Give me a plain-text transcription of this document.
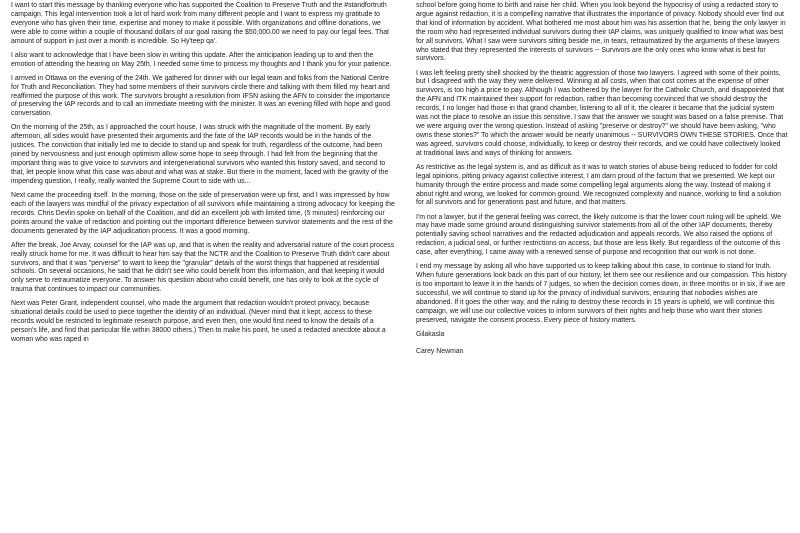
I want to start this message by thanking everyone who has supported the Coalition to Preserve Truth and the #standfortruth campaign. This legal intervention took a lot of hard work from many different people and I want to express my gratitude to everyone who has given their time, expertise and money to make it possible. With organizations and offline donations, we were able to come within a couple of thousand dollars of our goal raising the $50,000.00 we need to pay our legal fees. That amount of support in just over a month is incredible. So Hy'teep qa'.

I also want to acknowledge that I have been slow in writing this update. After the anticipation leading up to and then the emotion of attending the hearing on May 25th, I needed some time to process my thoughts and I thank you for your patience.

I arrived in Ottawa on the evening of the 24th. We gathered for dinner with our legal team and folks from the National Centre for Truth and Reconciliation. They had some members of their survivors circle there and talking with them filled my heart and reaffirmed the purpose of this work. The survivors brought a resolution from IFSN asking the AFN to consider the importance of preserving the IAP records and to call an immediate meeting with the minister. It was an evening filled with hope and good conversation.

On the morning of the 25th, as I approached the court house, I was struck with the magnitude of the moment. By early afternoon, all sides would have presented their arguments and the fate of the IAP records would be in the hands of the justices. The conviction that initially led me to decide to stand up and speak for truth, regardless of the outcome, had been joined by nervousness and just enough optimism allow some hope to seep through. I had felt from the beginning that the important thing was to give voice to survivors and intergenerational survivors who wanted this history saved, and second to that, let people know what this case was about and what was at stake. But there in the moment, faced with the gravity of the impending question, I really, really wanted the Supreme Court to side with us...

Next came the proceeding itself. In the morning, those on the side of preservation were up first, and I was impressed by how each of the lawyers was mindful of the privacy expectation of all survivors while maintaining a strong advocacy for keeping the records. Chris Devlin spoke on behalf of the Coalition, and did an excellent job with limited time, (5 minutes) reinforcing our points around the value of redaction and pointing out the important difference between survivor statements and the rest of the documents generated by the IAP adjudication process. It was a good morning.

After the break, Joe Arvay, counsel for the IAP was up, and that is when the reality and adversarial nature of the court process really struck home for me. It was difficult to hear him say that the NCTR and the Coalition to Preserve Truth didn't care about survivors, and that it was "perverse" to want to keep the "granular" details of the worst things that happened at residential schools. On several occasions, he said that he didn't see who could benefit from this information, and that keeping it would only serve to retraumatize everyone. To answer his question about who could benefit, one has only to look at the cycle of trauma that continues to impact our communities.

Next was Peter Grant, independent counsel, who made the argument that redaction wouldn't protect privacy, because situational details could be used to piece together the identity of an individual. (Never mind that it kept, access to these records would be restricted to legitimate research purpose, and even then, one would first need to know the details of a person's life, and find that particular file within 38000 others.) Then to make his point, he used a redacted anecdote about a woman who was raped in

school before going home to birth and raise her child. When you look beyond the hypocrisy of using a redacted story to argue against redaction, it is a compelling narrative that illustrates the importance of privacy. Nobody should ever find out that kind of information by accident. What bothered me most about him was his assertion that he, being the only lawyer in the room who had represented individual survivors during their IAP claims, was uniquely qualified to know what was best for all survivors. What I saw were survivors sitting beside me, in tears, retraumatized by the arguments of these lawyers who stated that they represented the interests of survivors -- Survivors are the only ones who know what is best for survivors.

I was left feeling pretty shell shocked by the theatric aggression of those two lawyers. I agreed with some of their points, but I disagreed with the way they were delivered. Winning at all costs, when that cost comes at the expense of other survivors, is too high a price to pay. Although I was bothered by the lawyer for the Catholic Church, and disappointed that the AFN and ITK maintained their support for redaction, rather than becoming convinced that we should destroy the records, I no longer had those in that grand chamber, listening to all of it, the clearer it became that the judicial system was not the place to resolve an issue this sensitive. I saw that the answer we sought was based on a false premise. That we were arguing over the wrong question. Instead of asking "preserve or destroy?" we should have been asking, "who owns these stories?" To which the answer would be nearly unanimous -- SURVIVORS OWN THESE STORIES. Once that was agreed, survivors could choose, individually, to keep or destroy their records, and we could have collectively looked at traditional laws and ways of thinking for answers.

As restrictive as the legal system is, and as difficult as it was to watch stories of abuse being reduced to fodder for cold legal opinions, pitting privacy against collective interest, I am darn proud of the factum that we presented. We kept our humanity through the entire process and made some compelling legal arguments along the way. Instead of making it about right and wrong, we looked for common ground. We recognized complexity and nuance, working to find a solution for all survivors and for generations past and future, and that matters.

I'm not a lawyer, but if the general feeling was correct, the likely outcome is that the lower court ruling will be upheld. We may have made some ground around distinguishing survivor statements from all of the other IAP documents, thereby potentially saving school narratives and the redacted adjudication and appeals records. We also raised the options of redaction, a judicial seal, or further restrictions on access, but those are less likely. But regardless of the outcome of this case, after everything, I came away with a renewed sense of purpose and recognition that our work is not done.

I end my message by asking all who have supported us to keep talking about this case, to continue to stand for truth. When future generations look back on this part of our history, let them see our resilience and our compassion. This history is too important to leave it in the hands of 7 judges, so when the decision comes down, in three months or in six, if we are successful, we will continue to stand up for the privacy of individual survivors, ensuring that nobodies wishes are abandoned. If it goes the other way, and the ruling to destroy these records in 15 years is upheld, we will continue this campaign, we will use our collective voices to inform survivors of their rights and help those who want their stories preserved, navigate the consent process. Every piece of history matters.

Gilakasla

Carey Newman
